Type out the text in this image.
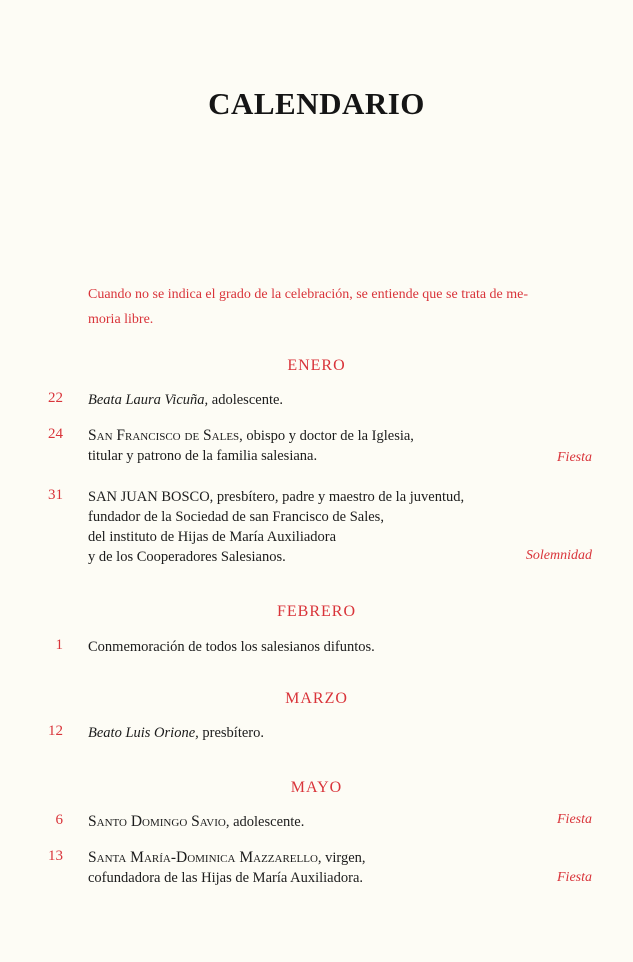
CALENDARIO
Cuando no se indica el grado de la celebración, se entiende que se trata de me-
moria libre.
ENERO
22 Beata Laura Vicuña, adolescente.
24 San Francisco de Sales, obispo y doctor de la Iglesia,
titular y patrono de la familia salesiana.	Fiesta
31 SAN JUAN BOSCO, presbítero, padre y maestro de la juventud,
fundador de la Sociedad de san Francisco de Sales,
del instituto de Hijas de María Auxiliadora
y de los Cooperadores Salesianos.	Solemnidad
FEBRERO
1 Conmemoración de todos los salesianos difuntos.
MARZO
12 Beato Luis Orione, presbítero.
MAYO
6 Santo Domingo Savio, adolescente.	Fiesta
13 Santa María-Dominica Mazzarello, virgen,
cofundadora de las Hijas de María Auxiliadora.	Fiesta
